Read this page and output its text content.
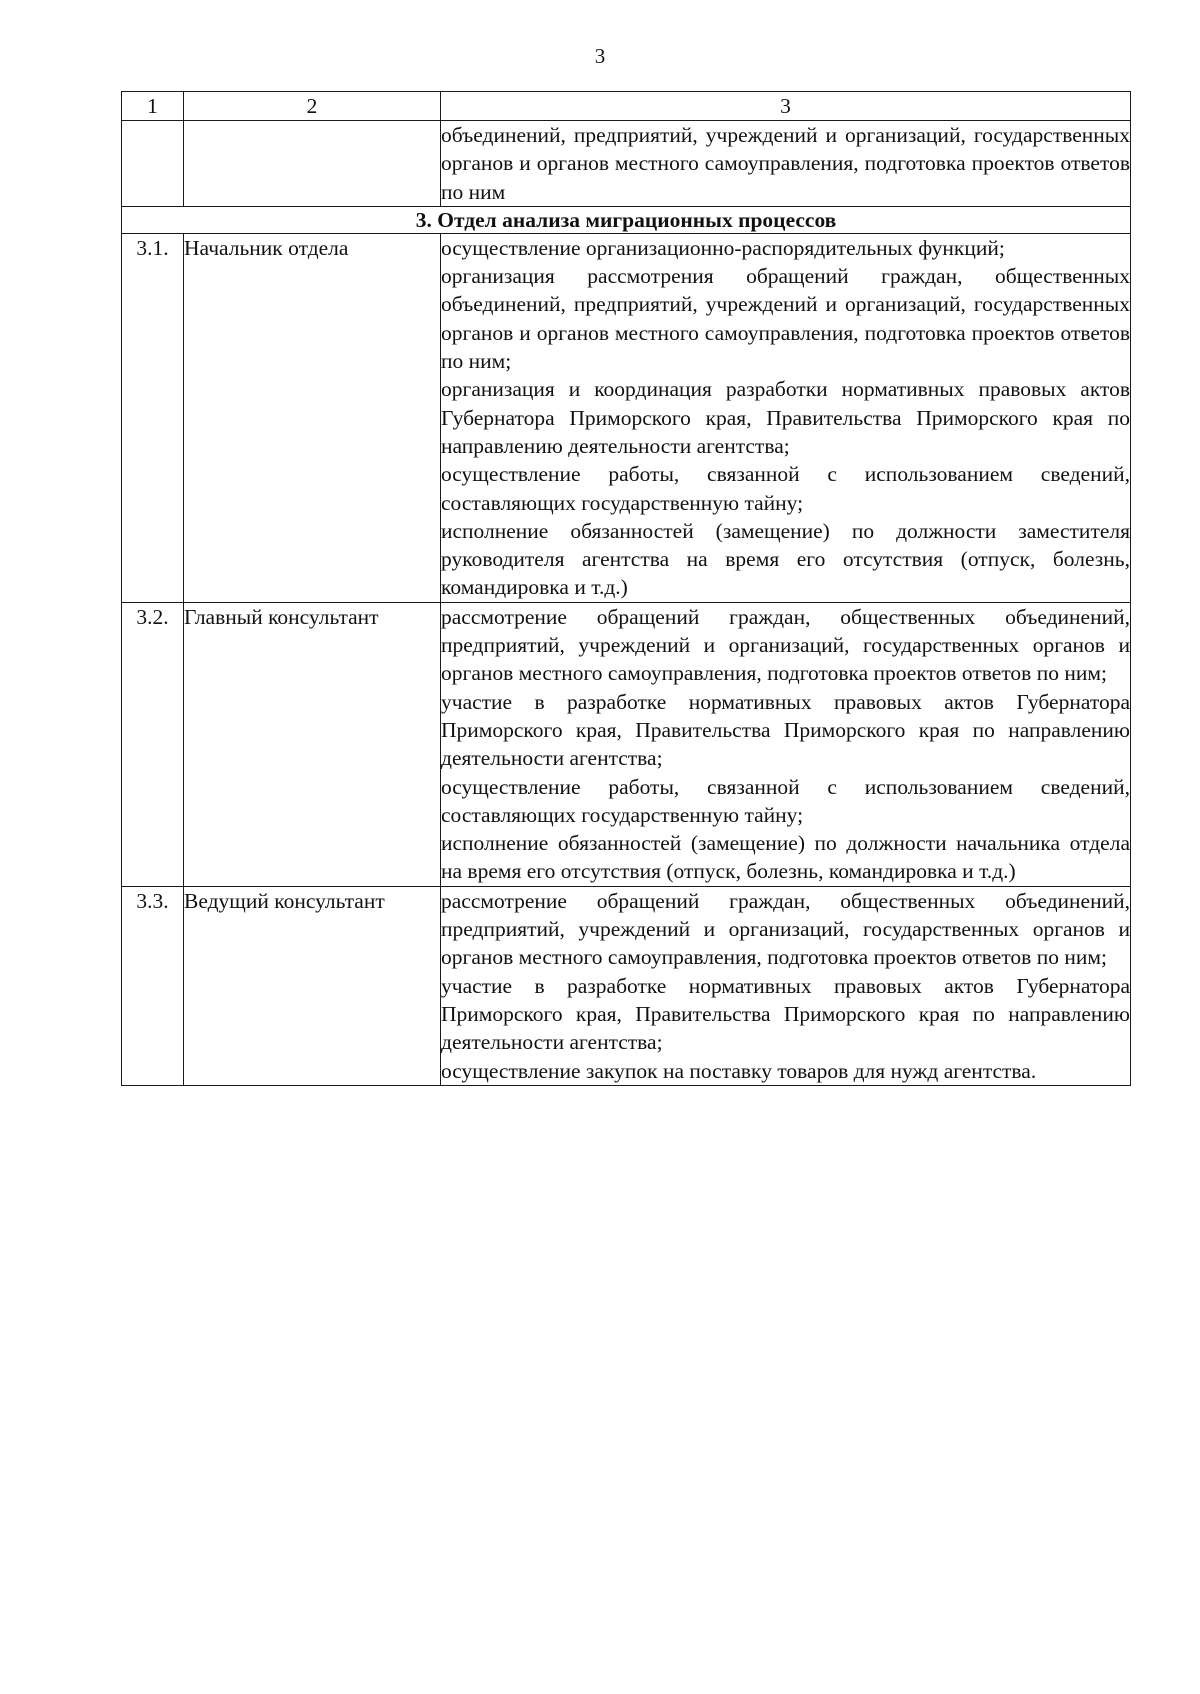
3
1	2	3

		объединений, предприятий, учреждений и организаций, государственных органов и органов местного самоуправления, подготовка проектов ответов по ним

3. Отдел анализа миграционных процессов		
3.1.	Начальник отдела	осуществление организационно-распорядительных функций;
организация рассмотрения обращений граждан, общественных объединений, предприятий, учреждений и организаций, государственных органов и органов местного самоуправления, подготовка проектов ответов по ним;
организация и координация разработки нормативных правовых актов Губернатора Приморского края, Правительства Приморского края по направлению деятельности агентства;
осуществление работы, связанной с использованием сведений, составляющих государственную тайну;
исполнение обязанностей (замещение) по должности заместителя руководителя агентства на время его отсутствия (отпуск, болезнь, командировка и т.д.)

3.2.	Главный консультант	рассмотрение обращений граждан, общественных объединений, предприятий, учреждений и организаций, государственных органов и органов местного самоуправления, подготовка проектов ответов по ним;
участие в разработке нормативных правовых актов Губернатора Приморского края, Правительства Приморского края по направлению деятельности агентства;
осуществление работы, связанной с использованием сведений, составляющих государственную тайну;
исполнение обязанностей (замещение) по должности начальника отдела на время его отсутствия (отпуск, болезнь, командировка и т.д.)

3.3.	Ведущий консультант	рассмотрение обращений граждан, общественных объединений, предприятий, учреждений и организаций, государственных органов и органов местного самоуправления, подготовка проектов ответов по ним;
участие в разработке нормативных правовых актов Губернатора Приморского края, Правительства Приморского края по направлению деятельности агентства;
осуществление закупок на поставку товаров для нужд агентства.
